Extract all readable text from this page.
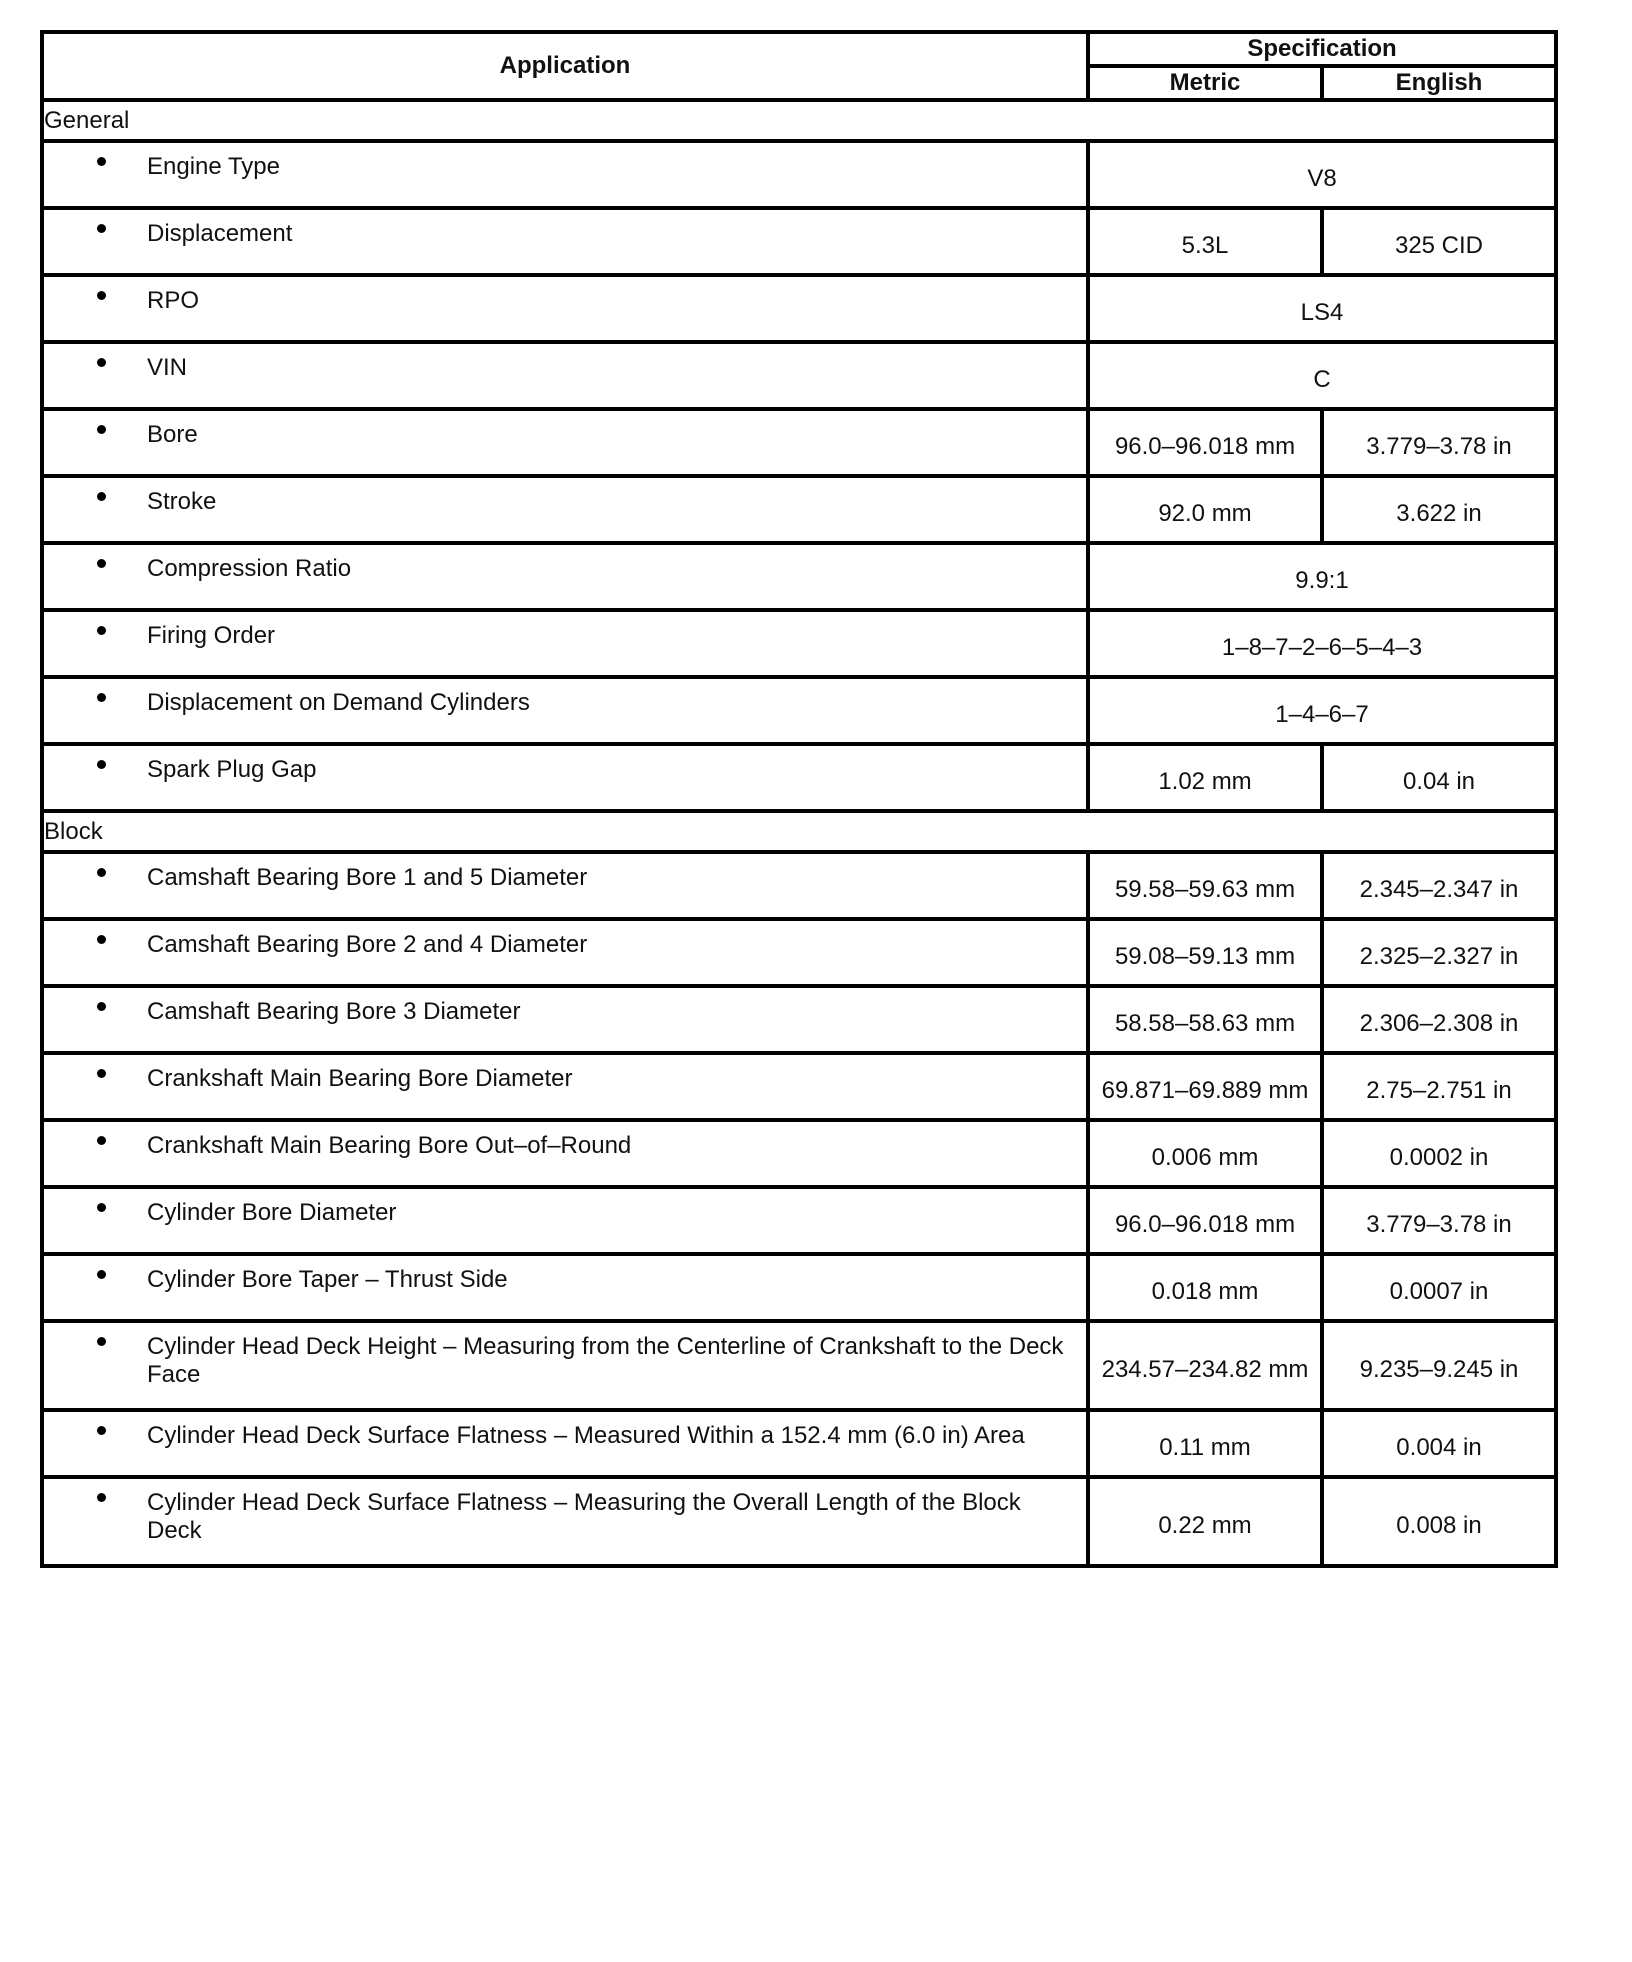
Application	Specification	
	Metric	English
General		

Engine Type	V8	

Displacement	5.3L	325 CID

RPO	LS4	

VIN	C	

Bore	96.0–96.018 mm	3.779–3.78 in

Stroke	92.0 mm	3.622 in

Compression Ratio	9.9:1	

Firing Order	1–8–7–2–6–5–4–3	

Displacement on Demand Cylinders	1–4–6–7	

Spark Plug Gap	1.02 mm	0.04 in
Block		

Camshaft Bearing Bore 1 and 5 Diameter	59.58–59.63 mm	2.345–2.347 in

Camshaft Bearing Bore 2 and 4 Diameter	59.08–59.13 mm	2.325–2.327 in

Camshaft Bearing Bore 3 Diameter	58.58–58.63 mm	2.306–2.308 in

Crankshaft Main Bearing Bore Diameter	69.871–69.889 mm	2.75–2.751 in

Crankshaft Main Bearing Bore Out–of–Round	0.006 mm	0.0002 in

Cylinder Bore Diameter	96.0–96.018 mm	3.779–3.78 in

Cylinder Bore Taper – Thrust Side	0.018 mm	0.0007 in

Cylinder Head Deck Height – Measuring from the Centerline of Crankshaft to the Deck Face	234.57–234.82 mm	9.235–9.245 in

Cylinder Head Deck Surface Flatness – Measured Within a 152.4 mm (6.0 in) Area	0.11 mm	0.004 in

Cylinder Head Deck Surface Flatness – Measuring the Overall Length of the Block Deck	0.22 mm	0.008 in
